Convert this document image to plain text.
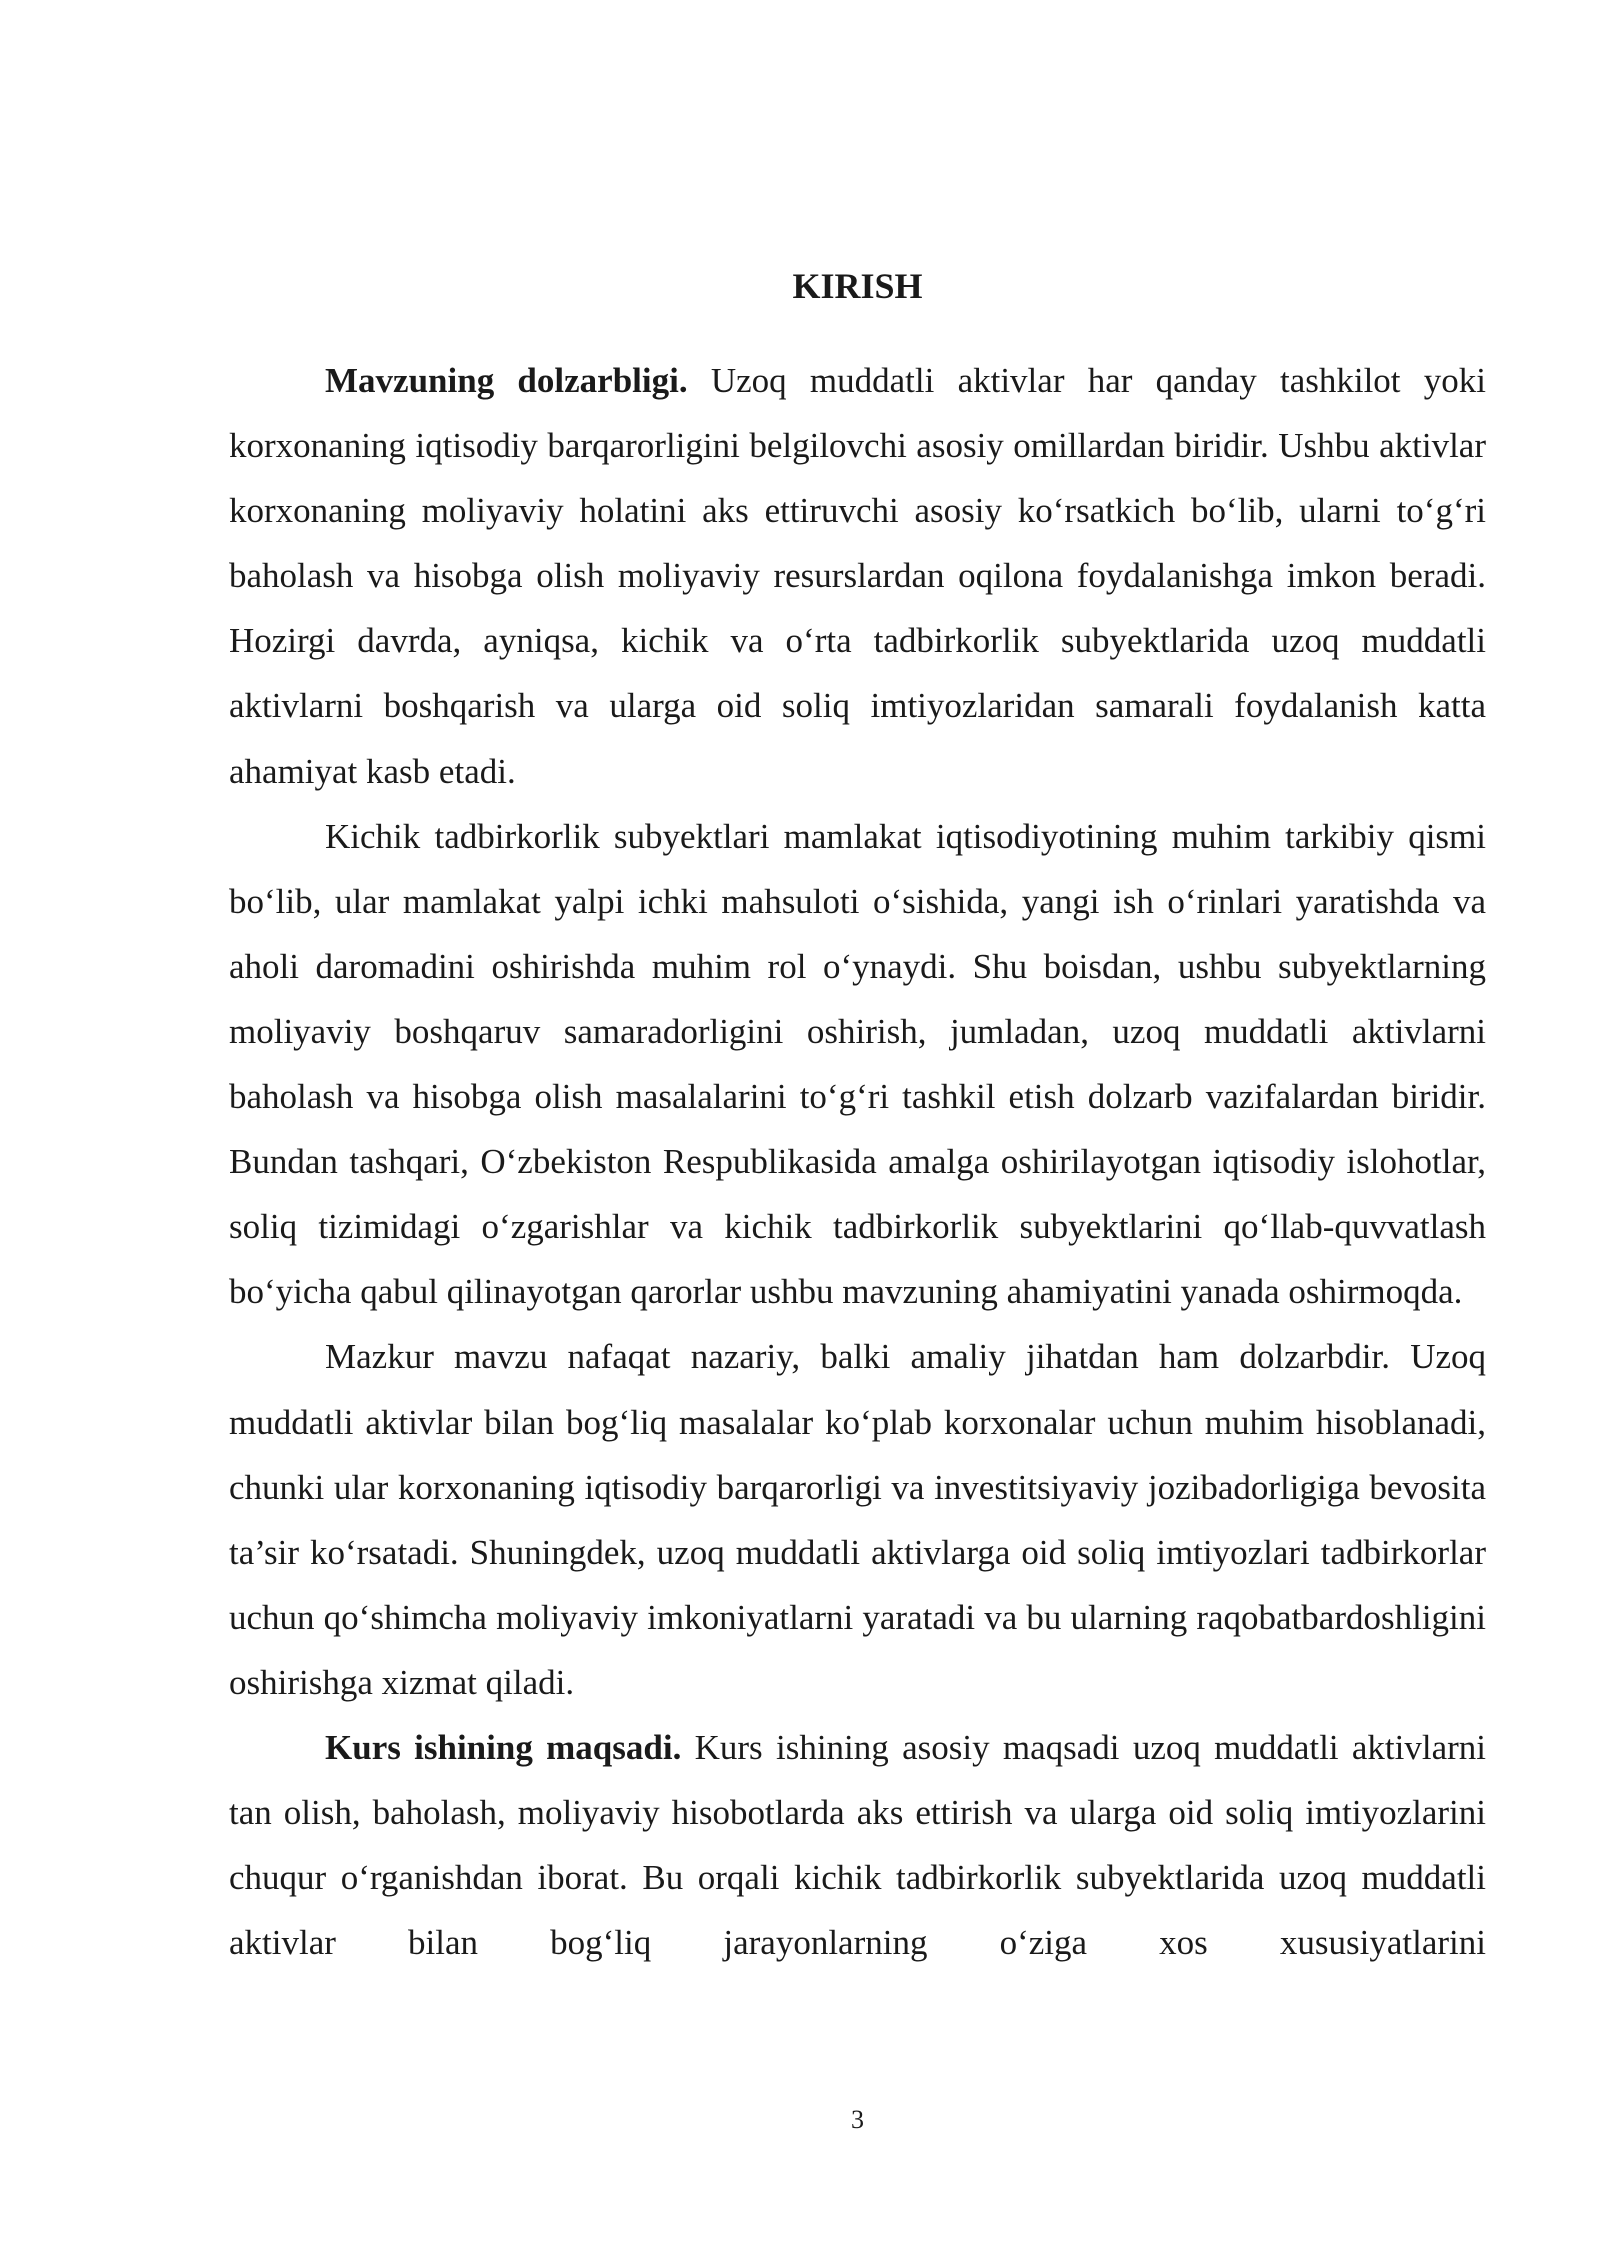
KIRISH

Mavzuning dolzarbligi. Uzoq muddatli aktivlar har qanday tashkilot yoki korxonaning iqtisodiy barqarorligini belgilovchi asosiy omillardan biridir. Ushbu aktivlar korxonaning moliyaviy holatini aks ettiruvchi asosiy koʻrsatkich boʻlib, ularni toʻgʻri baholash va hisobga olish moliyaviy resurslardan oqilona foydalanishga imkon beradi. Hozirgi davrda, ayniqsa, kichik va oʻrta tadbirkorlik subyektlarida uzoq muddatli aktivlarni boshqarish va ularga oid soliq imtiyozlaridan samarali foydalanish katta ahamiyat kasb etadi.

Kichik tadbirkorlik subyektlari mamlakat iqtisodiyotining muhim tarkibiy qismi boʻlib, ular mamlakat yalpi ichki mahsuloti oʻsishida, yangi ish oʻrinlari yaratishda va aholi daromadini oshirishda muhim rol oʻynaydi. Shu boisdan, ushbu subyektlarning moliyaviy boshqaruv samaradorligini oshirish, jumladan, uzoq muddatli aktivlarni baholash va hisobga olish masalalarini toʻgʻri tashkil etish dolzarb vazifalardan biridir. Bundan tashqari, Oʻzbekiston Respublikasida amalga oshirilayotgan iqtisodiy islohotlar, soliq tizimidagi oʻzgarishlar va kichik tadbirkorlik subyektlarini qoʻllab-quvvatlash boʻyicha qabul qilinayotgan qarorlar ushbu mavzuning ahamiyatini yanada oshirmoqda.

Mazkur mavzu nafaqat nazariy, balki amaliy jihatdan ham dolzarbdir. Uzoq muddatli aktivlar bilan bogʻliq masalalar koʻplab korxonalar uchun muhim hisoblanadi, chunki ular korxonaning iqtisodiy barqarorligi va investitsiyaviy jozibadorligiga bevosita ta’sir koʻrsatadi. Shuningdek, uzoq muddatli aktivlarga oid soliq imtiyozlari tadbirkorlar uchun qoʻshimcha moliyaviy imkoniyatlarni yaratadi va bu ularning raqobatbardoshligini oshirishga xizmat qiladi.

Kurs ishining maqsadi. Kurs ishining asosiy maqsadi uzoq muddatli aktivlarni tan olish, baholash, moliyaviy hisobotlarda aks ettirish va ularga oid soliq imtiyozlarini chuqur oʻrganishdan iborat. Bu orqali kichik tadbirkorlik subyektlarida uzoq muddatli aktivlar bilan bogʻliq jarayonlarning oʻziga xos xususiyatlarini

3
